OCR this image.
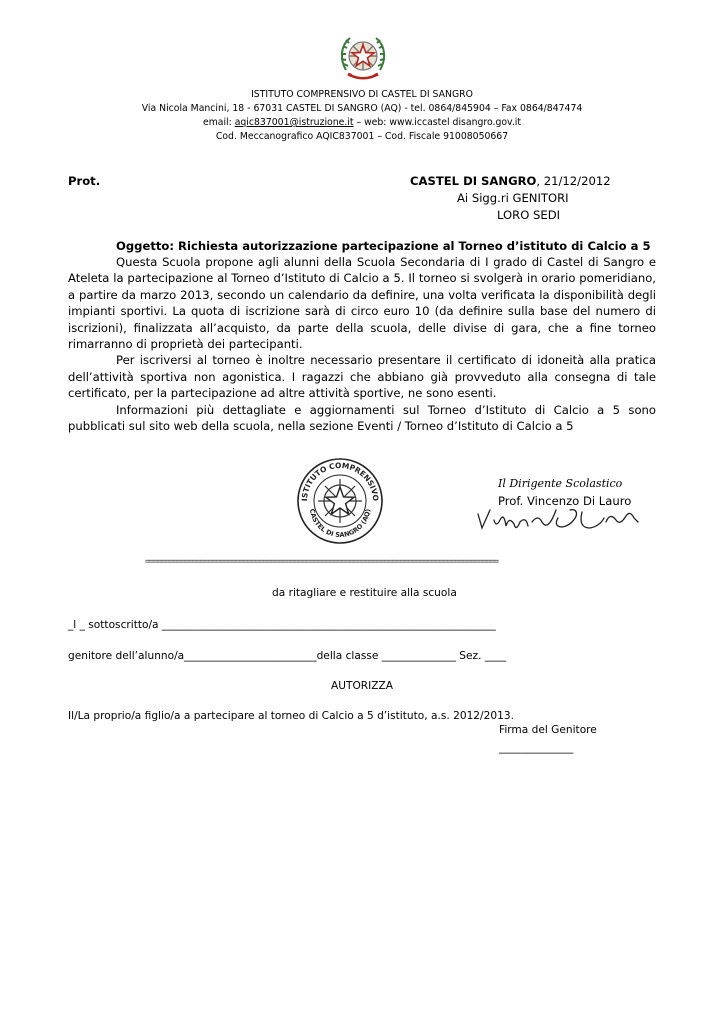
ISTITUTO COMPRENSIVO DI CASTEL DI SANGRO
Via Nicola Mancini, 18 - 67031 CASTEL DI SANGRO (AQ) - tel. 0864/845904 – Fax 0864/847474
email: aqic837001@istruzione.it – web: www.iccastel disangro.gov.it
Cod. Meccanografico AQIC837001 – Cod. Fiscale 91008050667
Prot.	CASTEL DI SANGRO, 21/12/2012
Ai Sigg.ri GENITORI
LORO SEDI
Oggetto: Richiesta autorizzazione partecipazione al Torneo d’istituto di Calcio a 5

Questa Scuola propone agli alunni della Scuola Secondaria di I grado di Castel di Sangro e Ateleta la partecipazione al Torneo d’Istituto di Calcio a 5. Il torneo si svolgerà in orario pomeridiano, a partire da marzo 2013, secondo un calendario da definire, una volta verificata la disponibilità degli impianti sportivi. La quota di iscrizione sarà di circo euro 10 (da definire sulla base del numero di iscrizioni), finalizzata all’acquisto, da parte della scuola, delle divise di gara, che a fine torneo rimarranno di proprietà dei partecipanti.

Per iscriversi al torneo è inoltre necessario presentare il certificato di idoneità alla pratica dell’attività sportiva non agonistica. I ragazzi che abbiano già provveduto alla consegna di tale certificato, per la partecipazione ad altre attività sportive, ne sono esenti.

Informazioni più dettagliate e aggiornamenti sul Torneo d’Istituto di Calcio a 5 sono pubblicati sul sito web della scuola, nella sezione Eventi / Torneo d’Istituto di Calcio a 5

ISTITUTO COMPRENSIVO
CASTEL DI SANGRO (AQ)
Il Dirigente Scolastico
Prof. Vincenzo Di Lauro
==========================================================================================
da ritagliare e restituire alla scuola
_l _ sottoscritto/a _______________________________________________________________
genitore dell’alunno/a_________________________della classe ______________ Sez. ____
AUTORIZZA
Il/La proprio/a figlio/a a partecipare al torneo di Calcio a 5 d’istituto, a.s. 2012/2013.
Firma del Genitore
______________
